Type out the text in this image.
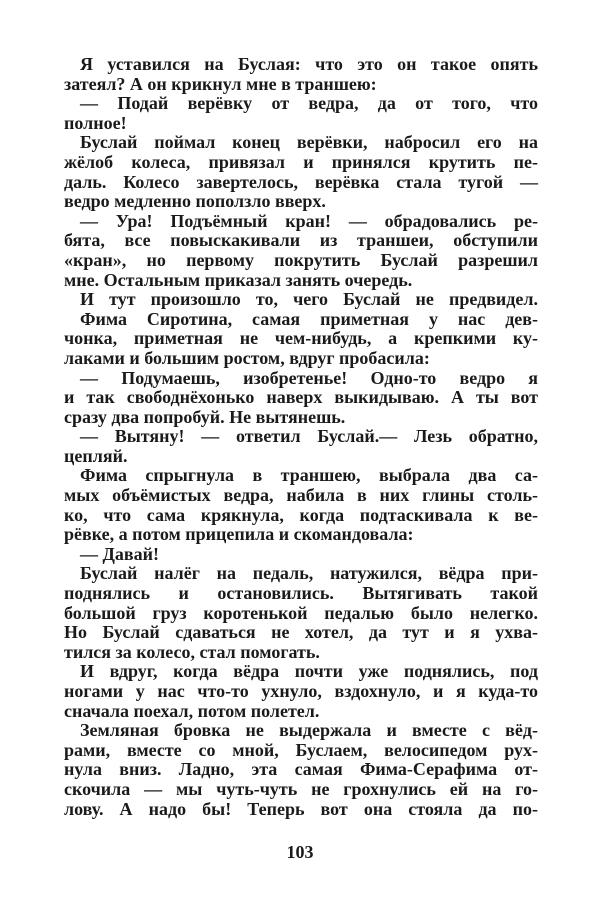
Я уставился на Буслая: что это он такое опять
затеял? А он крикнул мне в траншею:
— Подай верёвку от ведра, да от того, что
полное!
Буслай поймал конец верёвки, набросил его на
жёлоб колеса, привязал и принялся крутить пе-
даль. Колесо завертелось, верёвка стала тугой —
ведро медленно поползло вверх.
— Ура! Подъёмный кран! — обрадовались ре-
бята, все повыскакивали из траншеи, обступили
«кран», но первому покрутить Буслай разрешил
мне. Остальным приказал занять очередь.
И тут произошло то, чего Буслай не предвидел.
Фима Сиротина, самая приметная у нас дев-
чонка, приметная не чем-нибудь, а крепкими ку-
лаками и большим ростом, вдруг пробасила:
— Подумаешь, изобретенье! Одно-то ведро я
и так свободнёхонько наверх выкидываю. А ты вот
сразу два попробуй. Не вытянешь.
— Вытяну! — ответил Буслай.— Лезь обратно,
цепляй.
Фима спрыгнула в траншею, выбрала два са-
мых объёмистых ведра, набила в них глины столь-
ко, что сама крякнула, когда подтаскивала к ве-
рёвке, а потом прицепила и скомандовала:
— Давай!
Буслай налёг на педаль, натужился, вёдра при-
поднялись и остановились. Вытягивать такой
большой груз коротенькой педалью было нелегко.
Но Буслай сдаваться не хотел, да тут и я ухва-
тился за колесо, стал помогать.
И вдруг, когда вёдра почти уже поднялись, под
ногами у нас что-то ухнуло, вздохнуло, и я куда-то
сначала поехал, потом полетел.
Земляная бровка не выдержала и вместе с вёд-
рами, вместе со мной, Буслаем, велосипедом рух-
нула вниз. Ладно, эта самая Фима-Серафима от-
скочила — мы чуть-чуть не грохнулись ей на го-
лову. А надо бы! Теперь вот она стояла да по-
103
